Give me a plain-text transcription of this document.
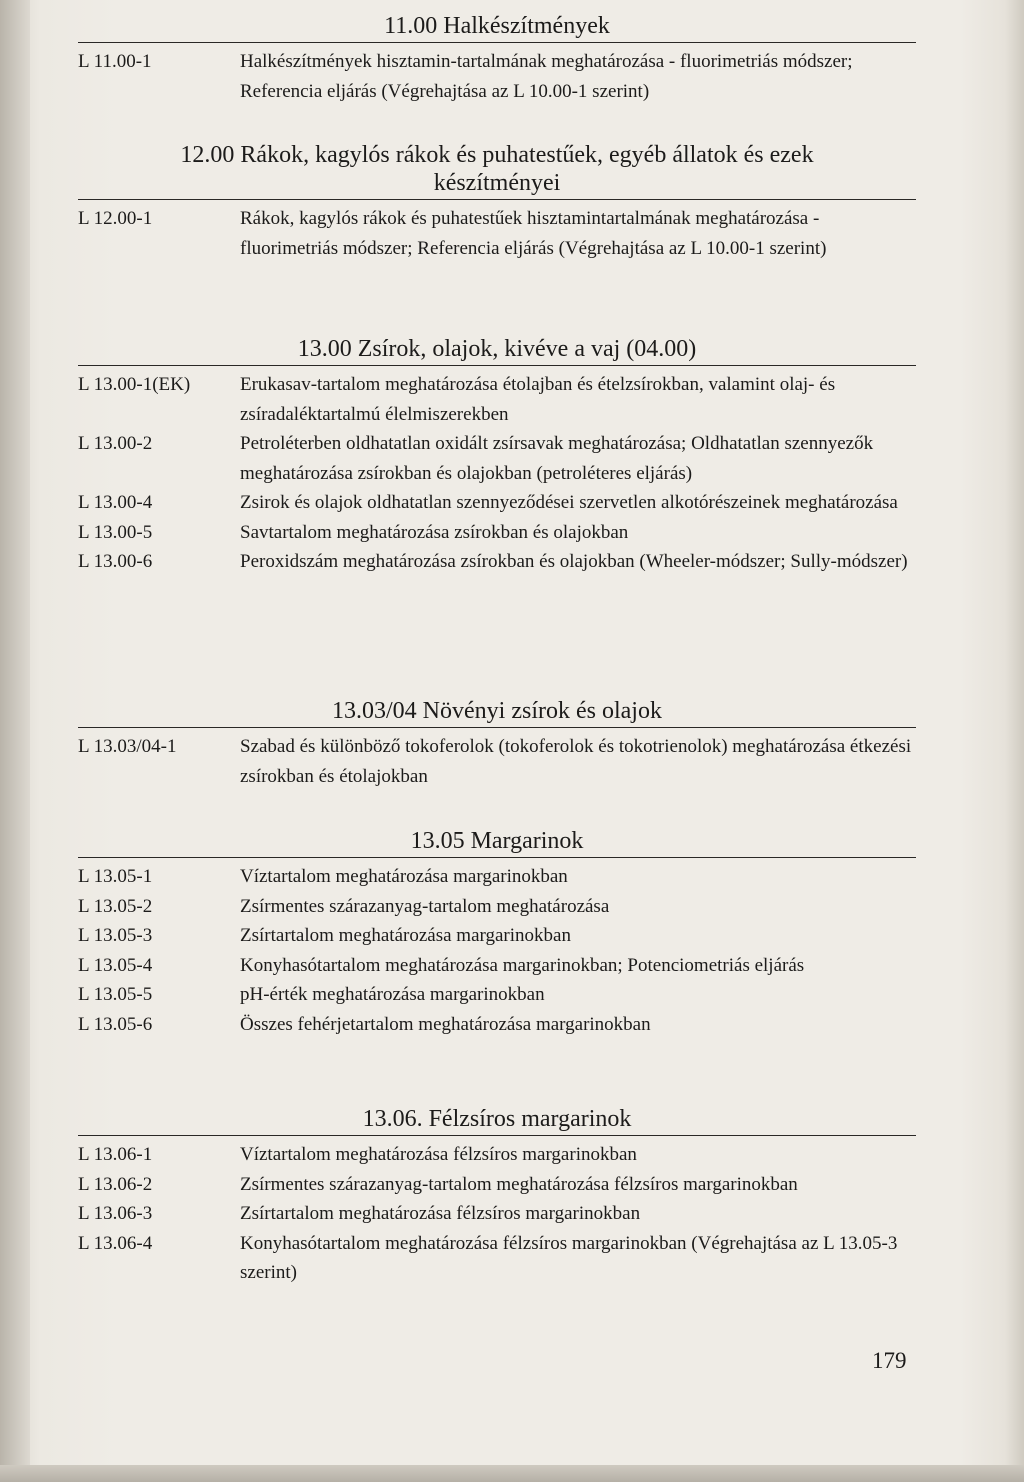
11.00 Halkészítmények
L 11.00-1	Halkészítmények hisztamin-tartalmának meghatározása - fluorimetriás módszer; Referencia eljárás (Végrehajtása az L 10.00-1 szerint)
12.00 Rákok, kagylós rákok és puhatestűek, egyéb állatok és ezek készítményei
L 12.00-1	Rákok, kagylós rákok és puhatestűek hisztamintartalmának meghatározása - fluorimetriás módszer; Referencia eljárás (Végrehajtása az L 10.00-1 szerint)
13.00 Zsírok, olajok, kivéve a vaj (04.00)
L 13.00-1(EK)	Erukasav-tartalom meghatározása étolajban és ételzsírokban, valamint olaj- és zsíradaléktartalmú élelmiszerekben
L 13.00-2	Petroléterben oldhatatlan oxidált zsírsavak meghatározása; Oldhatatlan szennyezők meghatározása zsírokban és olajokban (petroléteres eljárás)
L 13.00-4	Zsirok és olajok oldhatatlan szennyeződései szervetlen alkotórészeinek meghatározása
L 13.00-5	Savtartalom meghatározása zsírokban és olajokban
L 13.00-6	Peroxidszám meghatározása zsírokban és olajokban (Wheeler-módszer; Sully-módszer)
13.03/04 Növényi zsírok és olajok
L 13.03/04-1	Szabad és különböző tokoferolok (tokoferolok és tokotrienolok) meghatározása étkezési zsírokban és étolajokban
13.05 Margarinok
L 13.05-1	Víztartalom meghatározása margarinokban
L 13.05-2	Zsírmentes szárazanyag-tartalom meghatározása
L 13.05-3	Zsírtartalom meghatározása margarinokban
L 13.05-4	Konyhasótartalom meghatározása margarinokban; Potenciometriás eljárás
L 13.05-5	pH-érték meghatározása margarinokban
L 13.05-6	Összes fehérjetartalom meghatározása margarinokban
13.06. Félzsíros margarinok
L 13.06-1	Víztartalom meghatározása félzsíros margarinokban
L 13.06-2	Zsírmentes szárazanyag-tartalom meghatározása félzsíros margarinokban
L 13.06-3	Zsírtartalom meghatározása félzsíros margarinokban
L 13.06-4	Konyhasótartalom meghatározása félzsíros margarinokban (Végrehajtása az L 13.05-3 szerint)
179
